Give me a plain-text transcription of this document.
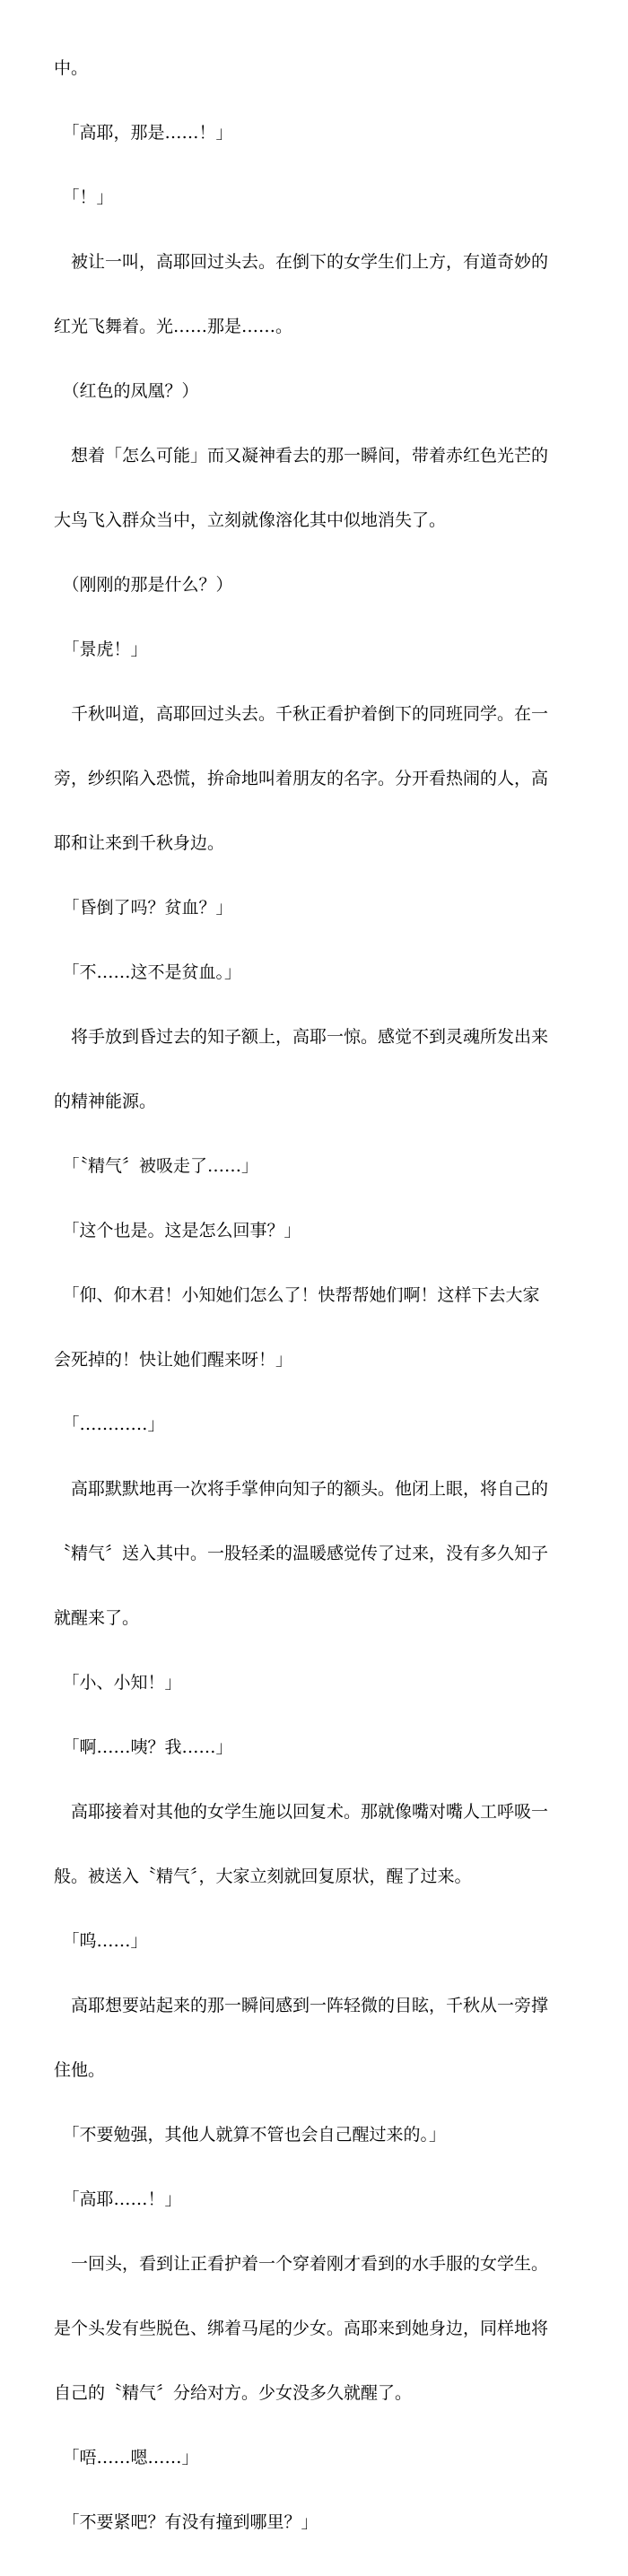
中。

　「高耶，那是……！」

　「！」

　被让一叫，高耶回过头去。在倒下的女学生们上方，有道奇妙的

红光飞舞着。光……那是……。

　（红色的凤凰？）

　想着「怎么可能」而又凝神看去的那一瞬间，带着赤红色光芒的

大鸟飞入群众当中，立刻就像溶化其中似地消失了。

　（刚刚的那是什么？）

　「景虎！」

　千秋叫道，高耶回过头去。千秋正看护着倒下的同班同学。在一

旁，纱织陷入恐慌，拚命地叫着朋友的名字。分开看热闹的人，高

耶和让来到千秋身边。

　「昏倒了吗？贫血？」

　「不……这不是贫血。」

　将手放到昏过去的知子额上，高耶一惊。感觉不到灵魂所发出来

的精神能源。

　「〝精气〞被吸走了……」

　「这个也是。这是怎么回事？」

　「仰、仰木君！小知她们怎么了！快帮帮她们啊！这样下去大家

会死掉的！快让她们醒来呀！」

　「…………」

　高耶默默地再一次将手掌伸向知子的额头。他闭上眼，将自己的

〝精气〞送入其中。一股轻柔的温暖感觉传了过来，没有多久知子

就醒来了。

　「小、小知！」

　「啊……咦？我……」

　高耶接着对其他的女学生施以回复术。那就像嘴对嘴人工呼吸一

般。被送入〝精气〞，大家立刻就回复原状，醒了过来。

　「呜……」

　高耶想要站起来的那一瞬间感到一阵轻微的目眩，千秋从一旁撑

住他。

　「不要勉强，其他人就算不管也会自己醒过来的。」

　「高耶……！」

　一回头，看到让正看护着一个穿着刚才看到的水手服的女学生。

是个头发有些脱色、绑着马尾的少女。高耶来到她身边，同样地将

自己的〝精气〞分给对方。少女没多久就醒了。

　「唔……嗯……」

　「不要紧吧？有没有撞到哪里？」
